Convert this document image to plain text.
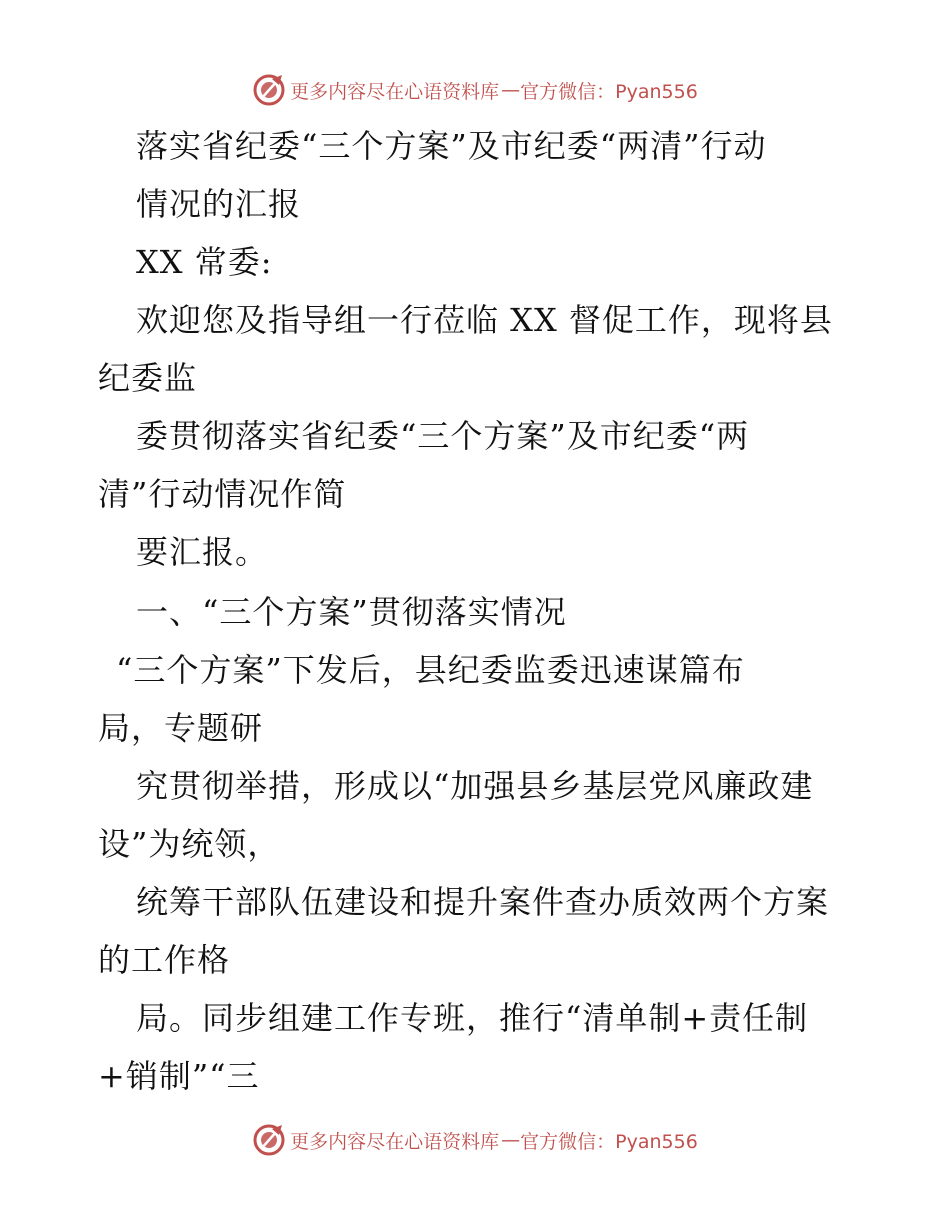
更多内容尽在心语资料库 — 官方微信：Pyan556
落实省纪委“三个方案”及市纪委“两清”行动
情况的汇报
XX 常委:
欢迎您及指导组一行莅临 XX 督促工作，现将县
纪委监
委贯彻落实省纪委“三个方案”及市纪委“两
清”行动情况作简
要汇报。
一、“三个方案”贯彻落实情况
“三个方案”下发后，县纪委监委迅速谋篇布
局，专题研
究贯彻举措，形成以“加强县乡基层党风廉政建
设”为统领，
统筹干部队伍建设和提升案件查办质效两个方案
的工作格
局。同步组建工作专班，推行“清单制+责任制
+销制”“三
更多内容尽在心语资料库 — 官方微信：Pyan556
